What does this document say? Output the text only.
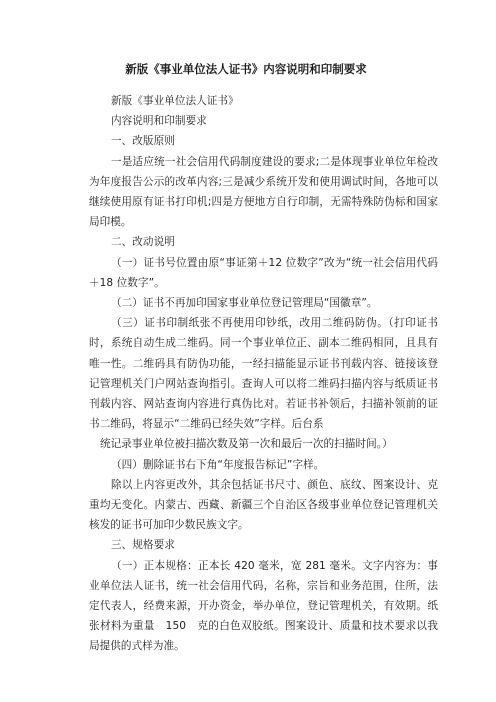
新版《事业单位法人证书》内容说明和印制要求

新版《事业单位法人证书》

内容说明和印制要求

一、改版原则

一是适应统一社会信用代码制度建设的要求;二是体现事业单位年检改为年度报告公示的改革内容;三是减少系统开发和使用调试时间，各地可以继续使用原有证书打印机;四是方便地方自行印制，无需特殊防伪标和国家局印模。

二、改动说明

（一）证书号位置由原“事证第＋12 位数字”改为“统一社会信用代码＋18 位数字”。

（二）证书不再加印国家事业单位登记管理局“国徽章”。

（三）证书印制纸张不再使用印钞纸，改用二维码防伪。（打印证书时，系统自动生成二维码。同一个事业单位正、副本二维码相同，且具有唯一性。二维码具有防伪功能，一经扫描能显示证书刊载内容、链接该登记管理机关门户网站查询指引。查询人可以将二维码扫描内容与纸质证书刊载内容、网站查询内容进行真伪比对。若证书补领后，扫描补领前的证书二维码，将显示“二维码已经失效”字样。后台系

统记录事业单位被扫描次数及第一次和最后一次的扫描时间。）

（四）删除证书右下角“年度报告标记”字样。

除以上内容更改外，其余包括证书尺寸、颜色、底纹、图案设计、克重均无变化。内蒙古、西藏、新疆三个自治区各级事业单位登记管理机关核发的证书可加印少数民族文字。

三、规格要求

（一）正本规格：正本长 420 毫米，宽 281 毫米。文字内容为：事业单位法人证书，统一社会信用代码，名称，宗旨和业务范围，住所，法定代表人，经费来源，开办资金，举办单位，登记管理机关，有效期。纸张材料为重量　150　克的白色双胶纸。图案设计、质量和技术要求以我局提供的式样为准。
